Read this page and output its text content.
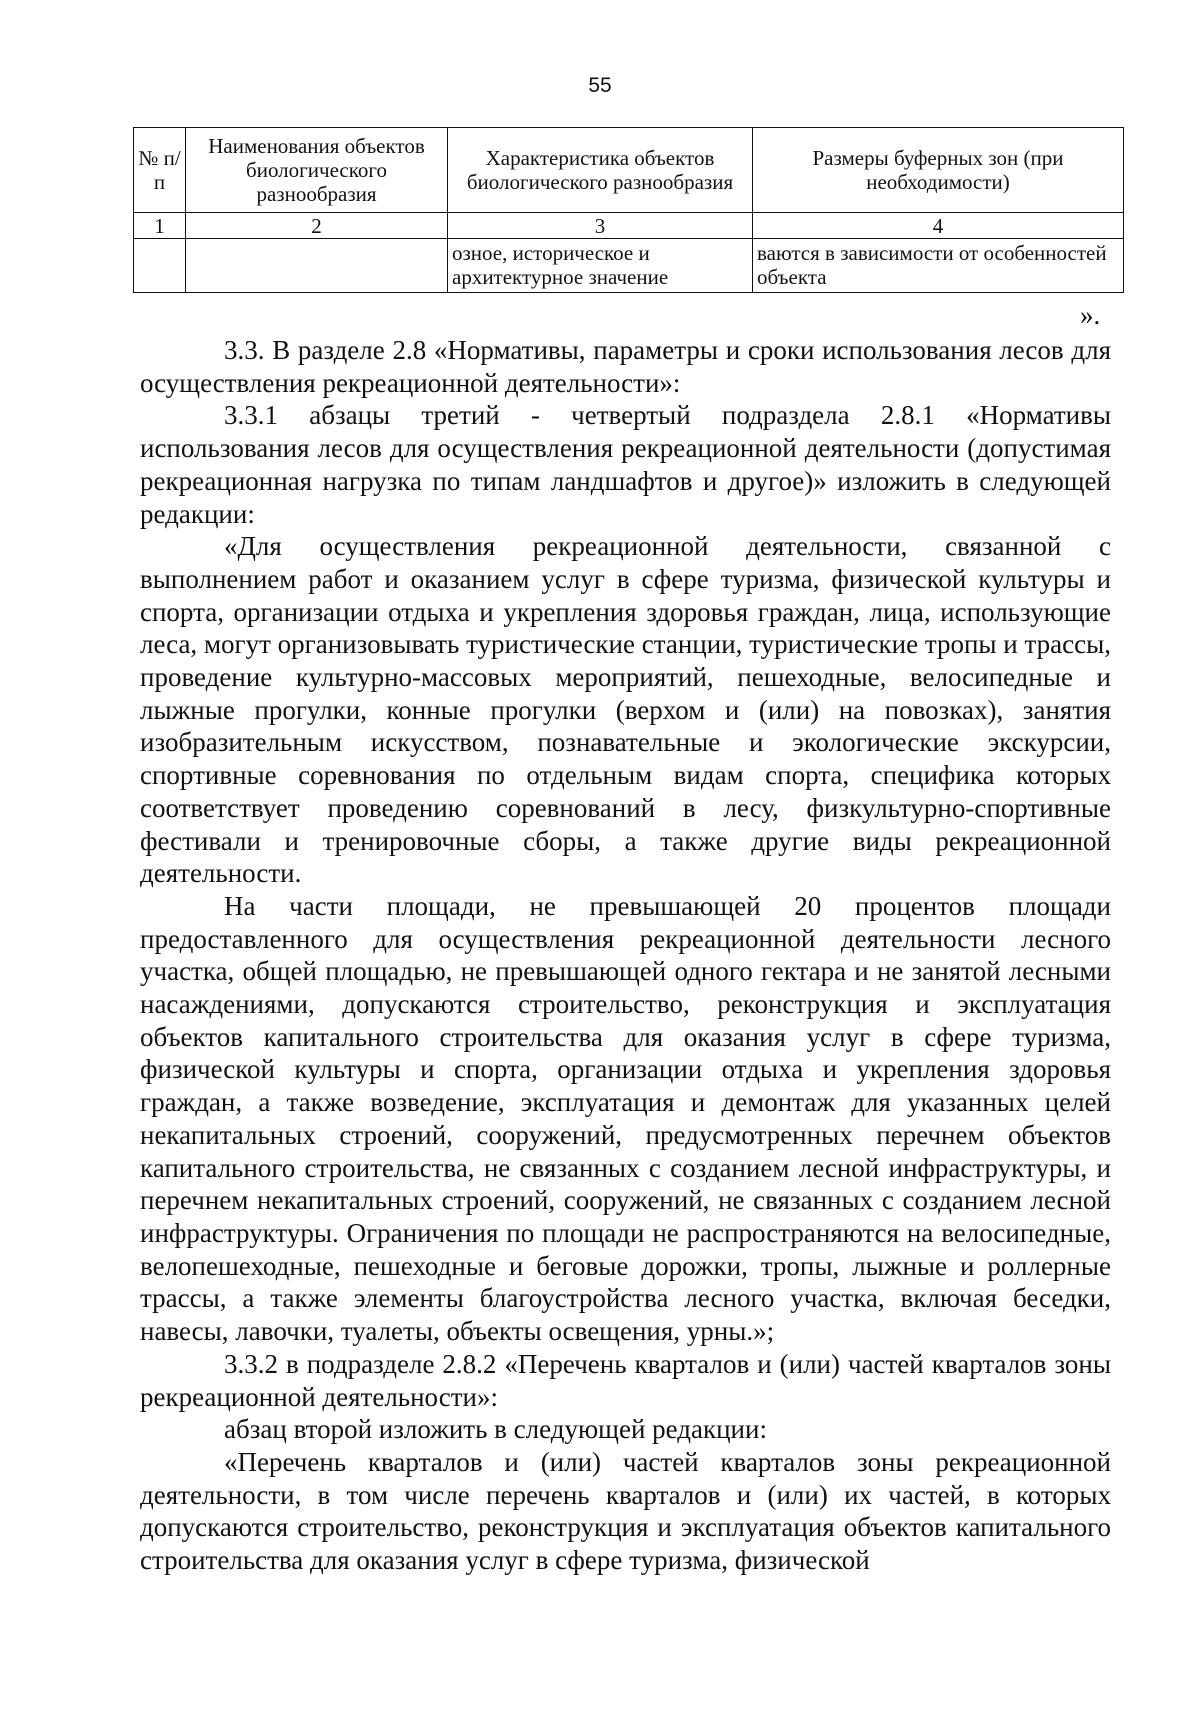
55
№ п/п	Наименования объектов биологического разнообразия	Характеристика объектов биологического разнообразия	Размеры буферных зон (при необходимости)
1	2	3	4
		озное, историческое и архитектурное значение	ваются в зависимости от особенностей объекта
».

3.3. В разделе 2.8 «Нормативы, параметры и сроки использования лесов для осуществления рекреационной деятельности»:

3.3.1 абзацы третий - четвертый подраздела 2.8.1 «Нормативы использования лесов для осуществления рекреационной деятельности (допустимая рекреационная нагрузка по типам ландшафтов и другое)» изложить в следующей редакции:

«Для осуществления рекреационной деятельности, связанной с выполнением работ и оказанием услуг в сфере туризма, физической культуры и спорта, организации отдыха и укрепления здоровья граждан, лица, использующие леса, могут организовывать туристические станции, туристические тропы и трассы, проведение культурно-массовых мероприятий, пешеходные, велосипедные и лыжные прогулки, конные прогулки (верхом и (или) на повозках), занятия изобразительным искусством, познавательные и экологические экскурсии, спортивные соревнования по отдельным видам спорта, специфика которых соответствует проведению соревнований в лесу, физкультурно-спортивные фестивали и тренировочные сборы, а также другие виды рекреационной деятельности.

На части площади, не превышающей 20 процентов площади предоставленного для осуществления рекреационной деятельности лесного участка, общей площадью, не превышающей одного гектара и не занятой лесными насаждениями, допускаются строительство, реконструкция и эксплуатация объектов капитального строительства для оказания услуг в сфере туризма, физической культуры и спорта, организации отдыха и укрепления здоровья граждан, а также возведение, эксплуатация и демонтаж для указанных целей некапитальных строений, сооружений, предусмотренных перечнем объектов капитального строительства, не связанных с созданием лесной инфраструктуры, и перечнем некапитальных строений, сооружений, не связанных с созданием лесной инфраструктуры. Ограничения по площади не распространяются на велосипедные, велопешеходные, пешеходные и беговые дорожки, тропы, лыжные и роллерные трассы, а также элементы благоустройства лесного участка, включая беседки, навесы, лавочки, туалеты, объекты освещения, урны.»;

3.3.2 в подразделе 2.8.2 «Перечень кварталов и (или) частей кварталов зоны рекреационной деятельности»:

абзац второй изложить в следующей редакции:

«Перечень кварталов и (или) частей кварталов зоны рекреационной деятельности, в том числе перечень кварталов и (или) их частей, в которых допускаются строительство, реконструкция и эксплуатация объектов капитального строительства для оказания услуг в сфере туризма, физической
